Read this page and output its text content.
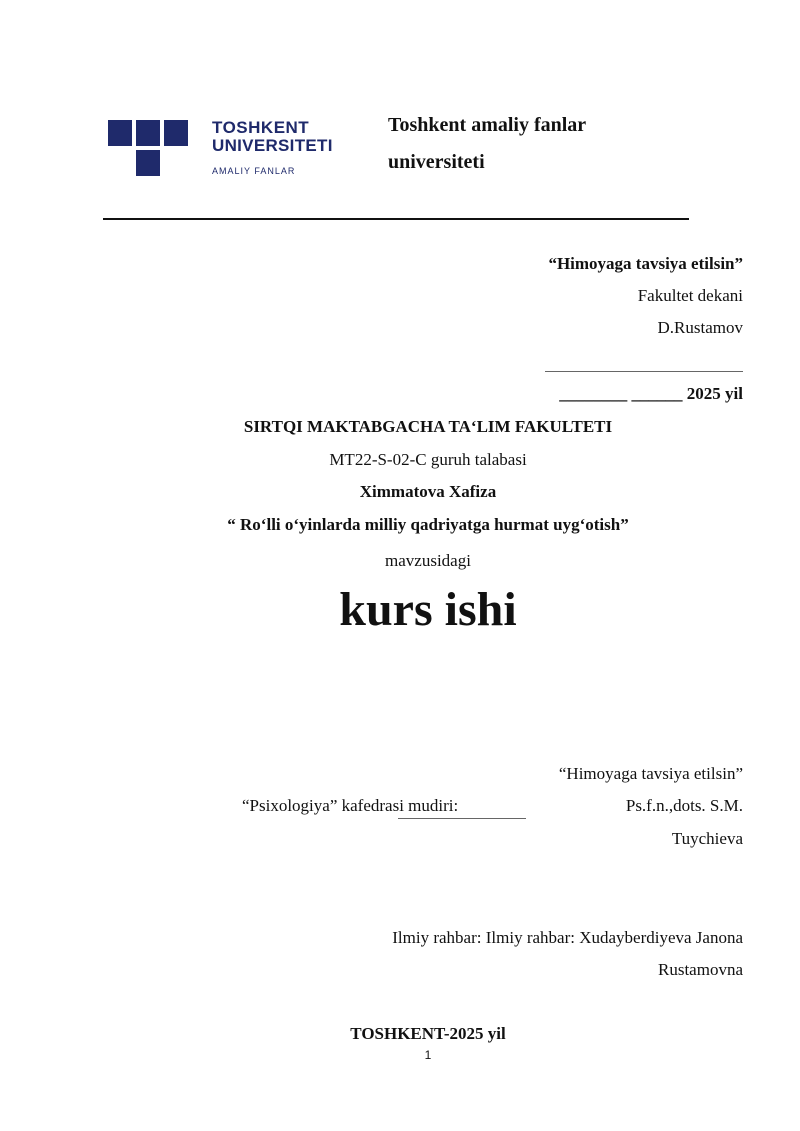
TOSHKENT
UNIVERSITETI
AMALIY FANLAR
Toshkent amaliy fanlar
universiteti
“Himoyaga tavsiya etilsin”
Fakultet dekani
D.Rustamov
________ ______ 2025 yil
SIRTQI MAKTABGACHA TA‘LIM FAKULTETI
MT22-S-02-C guruh talabasi
Ximmatova Xafiza
“ Ro‘lli o‘yinlarda milliy qadriyatga hurmat uyg‘otish”
mavzusidagi
kurs ishi
“Himoyaga tavsiya etilsin”
“Psixologiya” kafedrasi mudiri:	Ps.f.n.,dots. S.M.
Tuychieva
Ilmiy rahbar: Ilmiy rahbar: Xudayberdiyeva Janona
Rustamovna
TOSHKENT-2025 yil
1
